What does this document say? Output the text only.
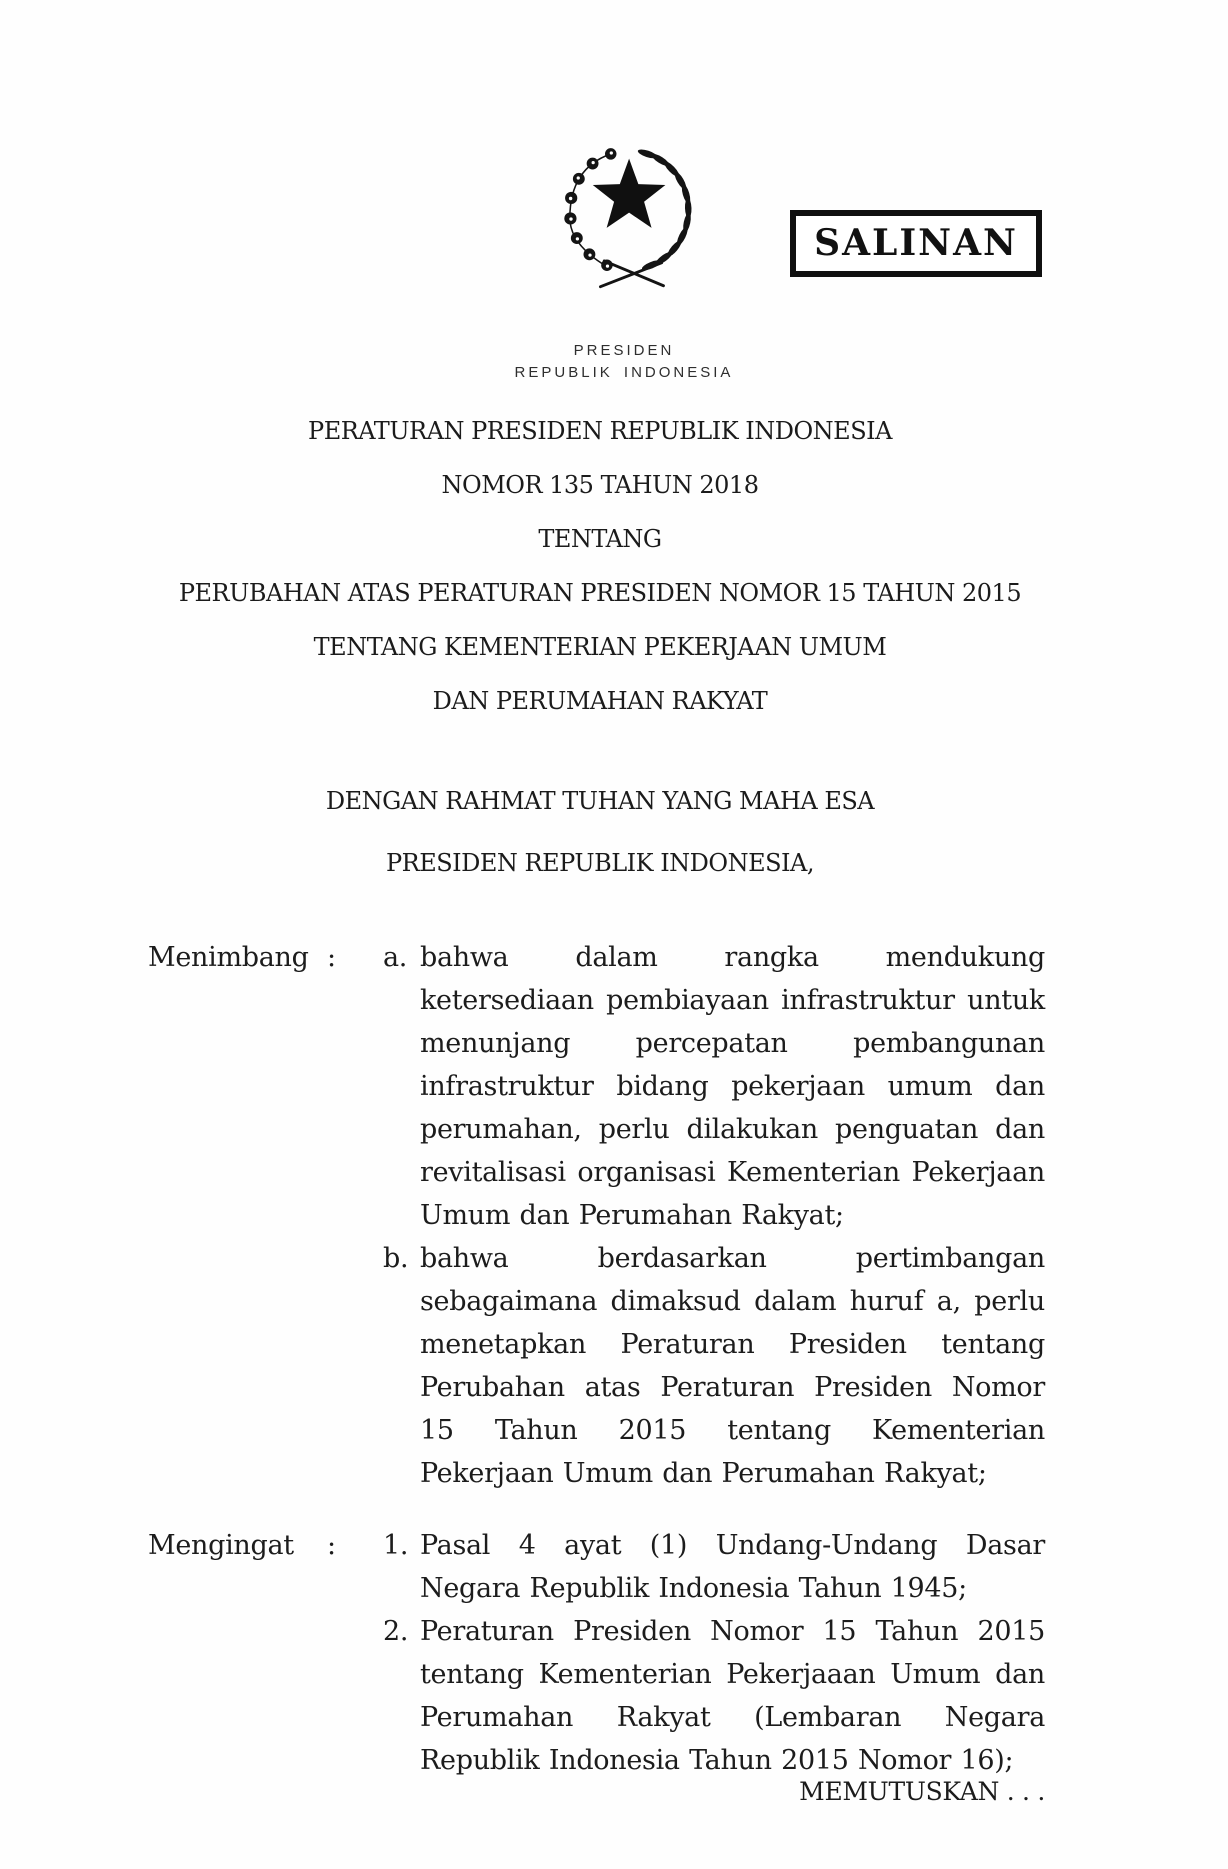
SALINAN
PRESIDEN
REPUBLIK INDONESIA
PERATURAN PRESIDEN REPUBLIK INDONESIA
NOMOR 135 TAHUN 2018
TENTANG
PERUBAHAN ATAS PERATURAN PRESIDEN NOMOR 15 TAHUN 2015
TENTANG KEMENTERIAN PEKERJAAN UMUM
DAN PERUMAHAN RAKYAT
DENGAN RAHMAT TUHAN YANG MAHA ESA
PRESIDEN REPUBLIK INDONESIA,
Menimbang :	a. bahwa dalam rangka mendukung ketersediaan pembiayaan infrastruktur untuk menunjang percepatan pembangunan infrastruktur bidang pekerjaan umum dan perumahan, perlu dilakukan penguatan dan revitalisasi organisasi Kementerian Pekerjaan Umum dan Perumahan Rakyat;
b. bahwa berdasarkan pertimbangan sebagaimana dimaksud dalam huruf a, perlu menetapkan Peraturan Presiden tentang Perubahan atas Peraturan Presiden Nomor 15 Tahun 2015 tentang Kementerian Pekerjaan Umum dan Perumahan Rakyat;
Mengingat	:	1. Pasal 4 ayat (1) Undang-Undang Dasar Negara Republik Indonesia Tahun 1945;
2. Peraturan Presiden Nomor 15 Tahun 2015 tentang Kementerian Pekerjaaan Umum dan Perumahan Rakyat (Lembaran Negara Republik Indonesia Tahun 2015 Nomor 16);
MEMUTUSKAN . . .
